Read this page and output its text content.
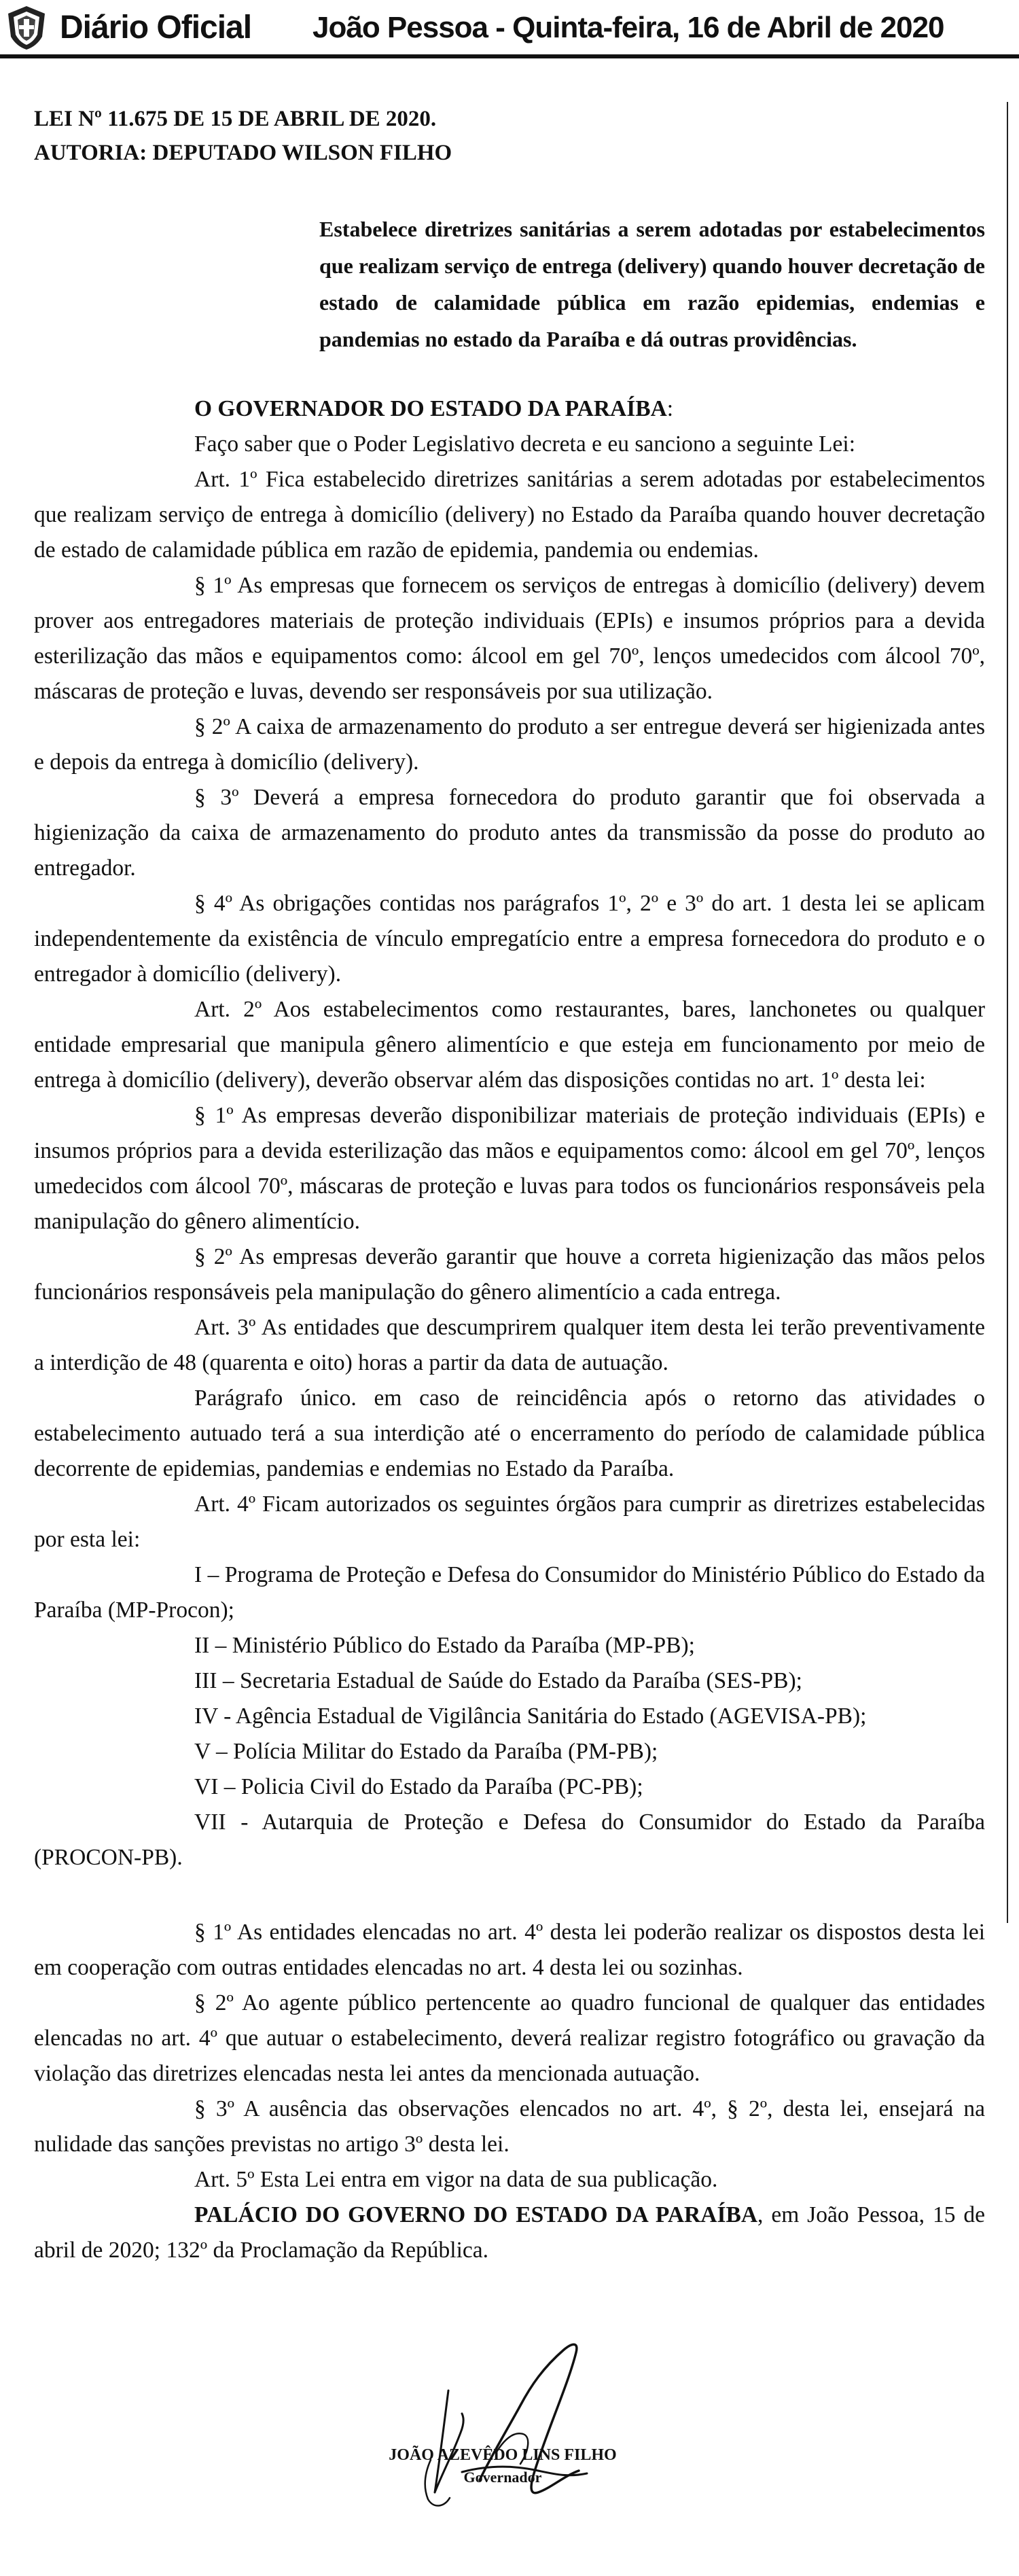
Diário Oficial João Pessoa - Quinta-feira, 16 de Abril de 2020

LEI Nº 11.675 DE 15 DE ABRIL DE 2020.

AUTORIA: DEPUTADO WILSON FILHO

Estabelece diretrizes sanitárias a serem adotadas por estabelecimentos que realizam serviço de entrega (delivery) quando houver decretação de estado de calamidade pública em razão epidemias, endemias e pandemias no estado da Paraíba e dá outras providências.

O GOVERNADOR DO ESTADO DA PARAÍBA:

Faço saber que o Poder Legislativo decreta e eu sanciono a seguinte Lei:

Art. 1º Fica estabelecido diretrizes sanitárias a serem adotadas por estabelecimentos que realizam serviço de entrega à domicílio (delivery) no Estado da Paraíba quando houver decretação de estado de calamidade pública em razão de epidemia, pandemia ou endemias.

§ 1º As empresas que fornecem os serviços de entregas à domicílio (delivery) devem prover aos entregadores materiais de proteção individuais (EPIs) e insumos próprios para a devida esterilização das mãos e equipamentos como: álcool em gel 70º, lenços umedecidos com álcool 70º, máscaras de proteção e luvas, devendo ser responsáveis por sua utilização.

§ 2º A caixa de armazenamento do produto a ser entregue deverá ser higienizada antes e depois da entrega à domicílio (delivery).

§ 3º Deverá a empresa fornecedora do produto garantir que foi observada a higienização da caixa de armazenamento do produto antes da transmissão da posse do produto ao entregador.

§ 4º As obrigações contidas nos parágrafos 1º, 2º e 3º do art. 1 desta lei se aplicam independentemente da existência de vínculo empregatício entre a empresa fornecedora do produto e o entregador à domicílio (delivery).

Art. 2º Aos estabelecimentos como restaurantes, bares, lanchonetes ou qualquer entidade empresarial que manipula gênero alimentício e que esteja em funcionamento por meio de entrega à domicílio (delivery), deverão observar além das disposições contidas no art. 1º desta lei:

§ 1º As empresas deverão disponibilizar materiais de proteção individuais (EPIs) e insumos próprios para a devida esterilização das mãos e equipamentos como: álcool em gel 70º, lenços umedecidos com álcool 70º, máscaras de proteção e luvas para todos os funcionários responsáveis pela manipulação do gênero alimentício.

§ 2º As empresas deverão garantir que houve a correta higienização das mãos pelos funcionários responsáveis pela manipulação do gênero alimentício a cada entrega.

Art. 3º As entidades que descumprirem qualquer item desta lei terão preventivamente a interdição de 48 (quarenta e oito) horas a partir da data de autuação.

Parágrafo único. em caso de reincidência após o retorno das atividades o estabelecimento autuado terá a sua interdição até o encerramento do período de calamidade pública decorrente de epidemias, pandemias e endemias no Estado da Paraíba.

Art. 4º Ficam autorizados os seguintes órgãos para cumprir as diretrizes estabelecidas por esta lei:

I – Programa de Proteção e Defesa do Consumidor do Ministério Público do Estado da Paraíba (MP-Procon);

II – Ministério Público do Estado da Paraíba (MP-PB);

III – Secretaria Estadual de Saúde do Estado da Paraíba (SES-PB);

IV - Agência Estadual de Vigilância Sanitária do Estado (AGEVISA-PB);

V – Polícia Militar do Estado da Paraíba (PM-PB);

VI – Policia Civil do Estado da Paraíba (PC-PB);

VII - Autarquia de Proteção e Defesa do Consumidor do Estado da Paraíba (PROCON-PB).

§ 1º As entidades elencadas no art. 4º desta lei poderão realizar os dispostos desta lei em cooperação com outras entidades elencadas no art. 4 desta lei ou sozinhas.

§ 2º Ao agente público pertencente ao quadro funcional de qualquer das entidades elencadas no art. 4º que autuar o estabelecimento, deverá realizar registro fotográfico ou gravação da violação das diretrizes elencadas nesta lei antes da mencionada autuação.

§ 3º A ausência das observações elencados no art. 4º, § 2º, desta lei, ensejará na nulidade das sanções previstas no artigo 3º desta lei.

Art. 5º Esta Lei entra em vigor na data de sua publicação.

PALÁCIO DO GOVERNO DO ESTADO DA PARAÍBA, em João Pessoa, 15 de abril de 2020; 132º da Proclamação da República.

JOÃO AZEVÊDO LINS FILHO
Governador
